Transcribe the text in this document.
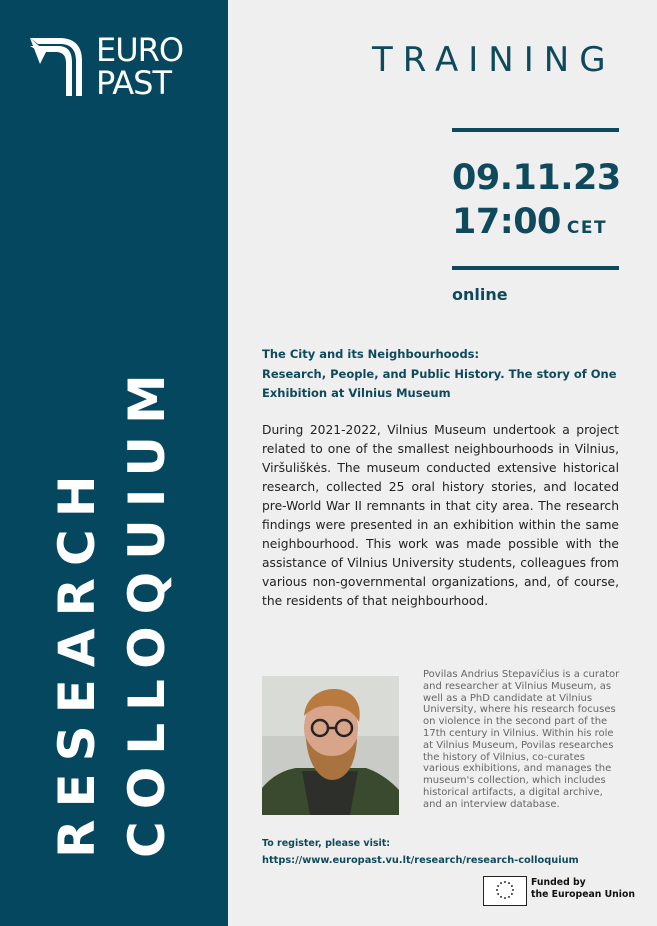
EURO
PAST
RESEARCH COLLOQUIUM
TRAINING
09.11.23
17:00 CET
online
The City and its Neighbourhoods:
Research, People, and Public History. The story of One Exhibition at Vilnius Museum
During 2021-2022, Vilnius Museum undertook a project related to one of the smallest neighbourhoods in Vilnius, Viršuliškės. The museum conducted extensive historical research, collected 25 oral history stories, and located pre-World War II remnants in that city area. The research findings were presented in an exhibition within the same neighbourhood. This work was made possible with the assistance of Vilnius University students, colleagues from various non-governmental organizations, and, of course, the residents of that neighbourhood.
Povilas Andrius Stepavičius is a curator and researcher at Vilnius Museum, as well as a PhD candidate at Vilnius University, where his research focuses on violence in the second part of the 17th century in Vilnius. Within his role at Vilnius Museum, Povilas researches the history of Vilnius, co-curates various exhibitions, and manages the museum's collection, which includes historical artifacts, a digital archive, and an interview database.
To register, please visit:
https://www.europast.vu.lt/research/research-colloquium
Funded by
the European Union
